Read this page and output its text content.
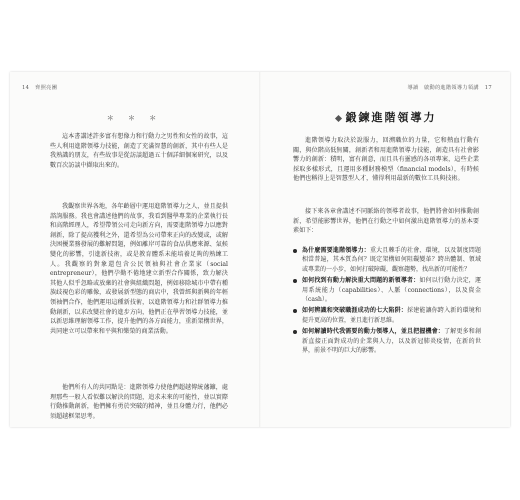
14 齊照亮團
＊ ＊ ＊

這本書講述許多富有想像力和行動力之男性和女性的故事，這些人利用進階領導力技能，創造了充滿智慧的創新，其中有些人是我熟識的朋友，有些故事是從訪談超過五十個詳細個案研究，以及數百次訪談中擷取出來的。

我觀察世界各地，各年齡層中運用進階領導力之人，並且提供諮詢服務。我也會講述他們的故事，我看到醫學專業的企業執行長和高階經理人，希望帶領公司走向新方向，需要進階領導力以應對創新，除了提高獲利之外，還希望為公司帶來正向的改變或，或解決困擾業務發展的難解問題，例如離岸可靠的食品供應來源、氣候變化的影響，引進新技術，或是教育體系未能培養足夠的熟練工人。我觀察的對象還包含公民領袖與社會企業家（social entrepreneur），他們孕勤不倦地建立新型合作關係，致力解決其他人似乎忽略或放棄的社會與組織問題，例如移除城市中帶有種族歧視色彩的雕像，或發展新型態的商店中，我曾經與新興的年輕領袖們合作，他們運用這種新技術，以進階領導力和社群領導力推動創新，以求改變社會的進步方向，他們正在學習領導力技能，並以新思維理解領導工作，提升他們的各方面能力，重新架構世界，共同建立可以帶來和平與和樂榮的商業活動。

他們所有人的共同點是：進階領導力使他們超越傳統藩籬，處理那些一般人看似難以解決的問題，追求未來的可能性，並以實際行動推動創新，他們擁有勇於突破的精神，並且身體力行，他們必須超越框架思考。

導讀　啟動的進階領導力領講 17
鍛鍊進階領導力

進階領導力取決於說服力，回溯職位的力量，它和熱血行動有關，與位階高低無關，創新者和用進階領導力技能，創造具有社會影響力的創新：積明，富有創意，而且具有靈感的各項專案，這些企業採取多樣形式，且運用多種財務模型（financial models），有時候他們也稱得上是智慧型人才，懂得利用最新的數位工具與技術。

接下來各章會講述不同脈絡的領導者故事，他們將會如何推動創新，希望能影響世界，他們在行動之中如何激出進階領導力的基本要素如下：

為什麼需要進階領導力：重大且棘手的社會、環境，以及制度問題相當普遍，其本質為何？既定架構如何阻礙變革？跨出體制、領域或專業的一小步，如何打破障礙，觀察趨勢，找出新的可能性？
如何找到有動力解決重大問題的新領導者：如何以行動力決定，運用系統能力（capabilities）、人脈（connections），以及資金（cash）。
如何辨識和突破職涯成功的七大陷阱：採建能讓你跨入新的環境和提升更高的位置，並且進行新思維。
如何解讀時代我需要的動力領導人，並且把握機會：了解更多和創新直接正面對成功的企業與人力，以及新冠肺炎疫情，在新的世界，前景不明的巨大的影響。
